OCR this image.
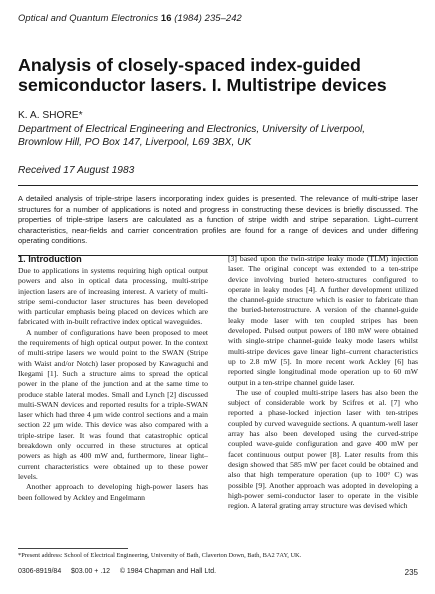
Optical and Quantum Electronics 16 (1984) 235–242
Analysis of closely-spaced index-guided semiconductor lasers. I. Multistripe devices
K. A. SHORE*
Department of Electrical Engineering and Electronics, University of Liverpool,
Brownlow Hill, PO Box 147, Liverpool, L69 3BX, UK
Received 17 August 1983
A detailed analysis of triple-stripe lasers incorporating index guides is presented. The relevance of multi-stripe laser structures for a number of applications is noted and progress in constructing these devices is briefly discussed. The properties of triple-stripe lasers are calculated as a function of stripe width and stripe separation. Light–current characteristics, near-fields and carrier concentration profiles are found for a range of devices and under differing operating conditions.
1. Introduction

Due to applications in systems requiring high optical output powers and also in optical data processing, multi-stripe injection lasers are of increasing interest. A variety of multi-stripe semi-conductor laser structures has been developed with particular emphasis being placed on devices which are fabricated with in-built refractive index optical waveguides.

A number of configurations have been proposed to meet the requirements of high optical output power. In the context of multi-stripe lasers we would point to the SWAN (Stripe with Waist and/or Notch) laser proposed by Kawaguchi and Ikegami [1]. Such a structure aims to spread the optical power in the plane of the junction and at the same time to produce stable lateral modes. Small and Lynch [2] discussed multi-SWAN devices and reported results for a triple-SWAN laser which had three 4 μm wide control sections and a main section 22 μm wide. This device was also compared with a triple-stripe laser. It was found that catastrophic optical breakdown only occurred in these structures at optical powers as high as 400 mW and, furthermore, linear light–current characteristics were obtained up to these power levels.

Another approach to developing high-power lasers has been followed by Ackley and Engelmann

[3] based upon the twin-stripe leaky mode (TLM) injection laser. The original concept was extended to a ten-stripe device involving buried hetero-structures configured to operate in leaky modes [4]. A further development utilized the channel-guide structure which is easier to fabricate than the buried-heterostructure. A version of the channel-guide leaky mode laser with ten coupled stripes has been developed. Pulsed output powers of 180 mW were obtained with single-stripe channel-guide leaky mode lasers whilst multi-stripe devices gave linear light–current characteristics up to 2.8 mW [5]. In more recent work Ackley [6] has reported single longitudinal mode operation up to 60 mW output in a ten-stripe channel guide laser.

The use of coupled multi-stripe lasers has also been the subject of considerable work by Scifres et al. [7] who reported a phase-locked injection laser with ten-stripes coupled by curved waveguide sections. A quantum-well laser array has also been developed using the curved-stripe coupled wave-guide configuration and gave 400 mW per facet continuous output power [8]. Later results from this design showed that 585 mW per facet could be obtained and also that high temperature operation (up to 100° C) was possible [9]. Another approach was adopted in developing a high-power semi-conductor laser to operate in the visible region. A lateral grating array structure was devised which

*Present address: School of Electrical Engineering, University of Bath, Claverton Down, Bath, BA2 7AY, UK.
0306-8919/84 $03.00 + .12 © 1984 Chapman and Hall Ltd.	235
